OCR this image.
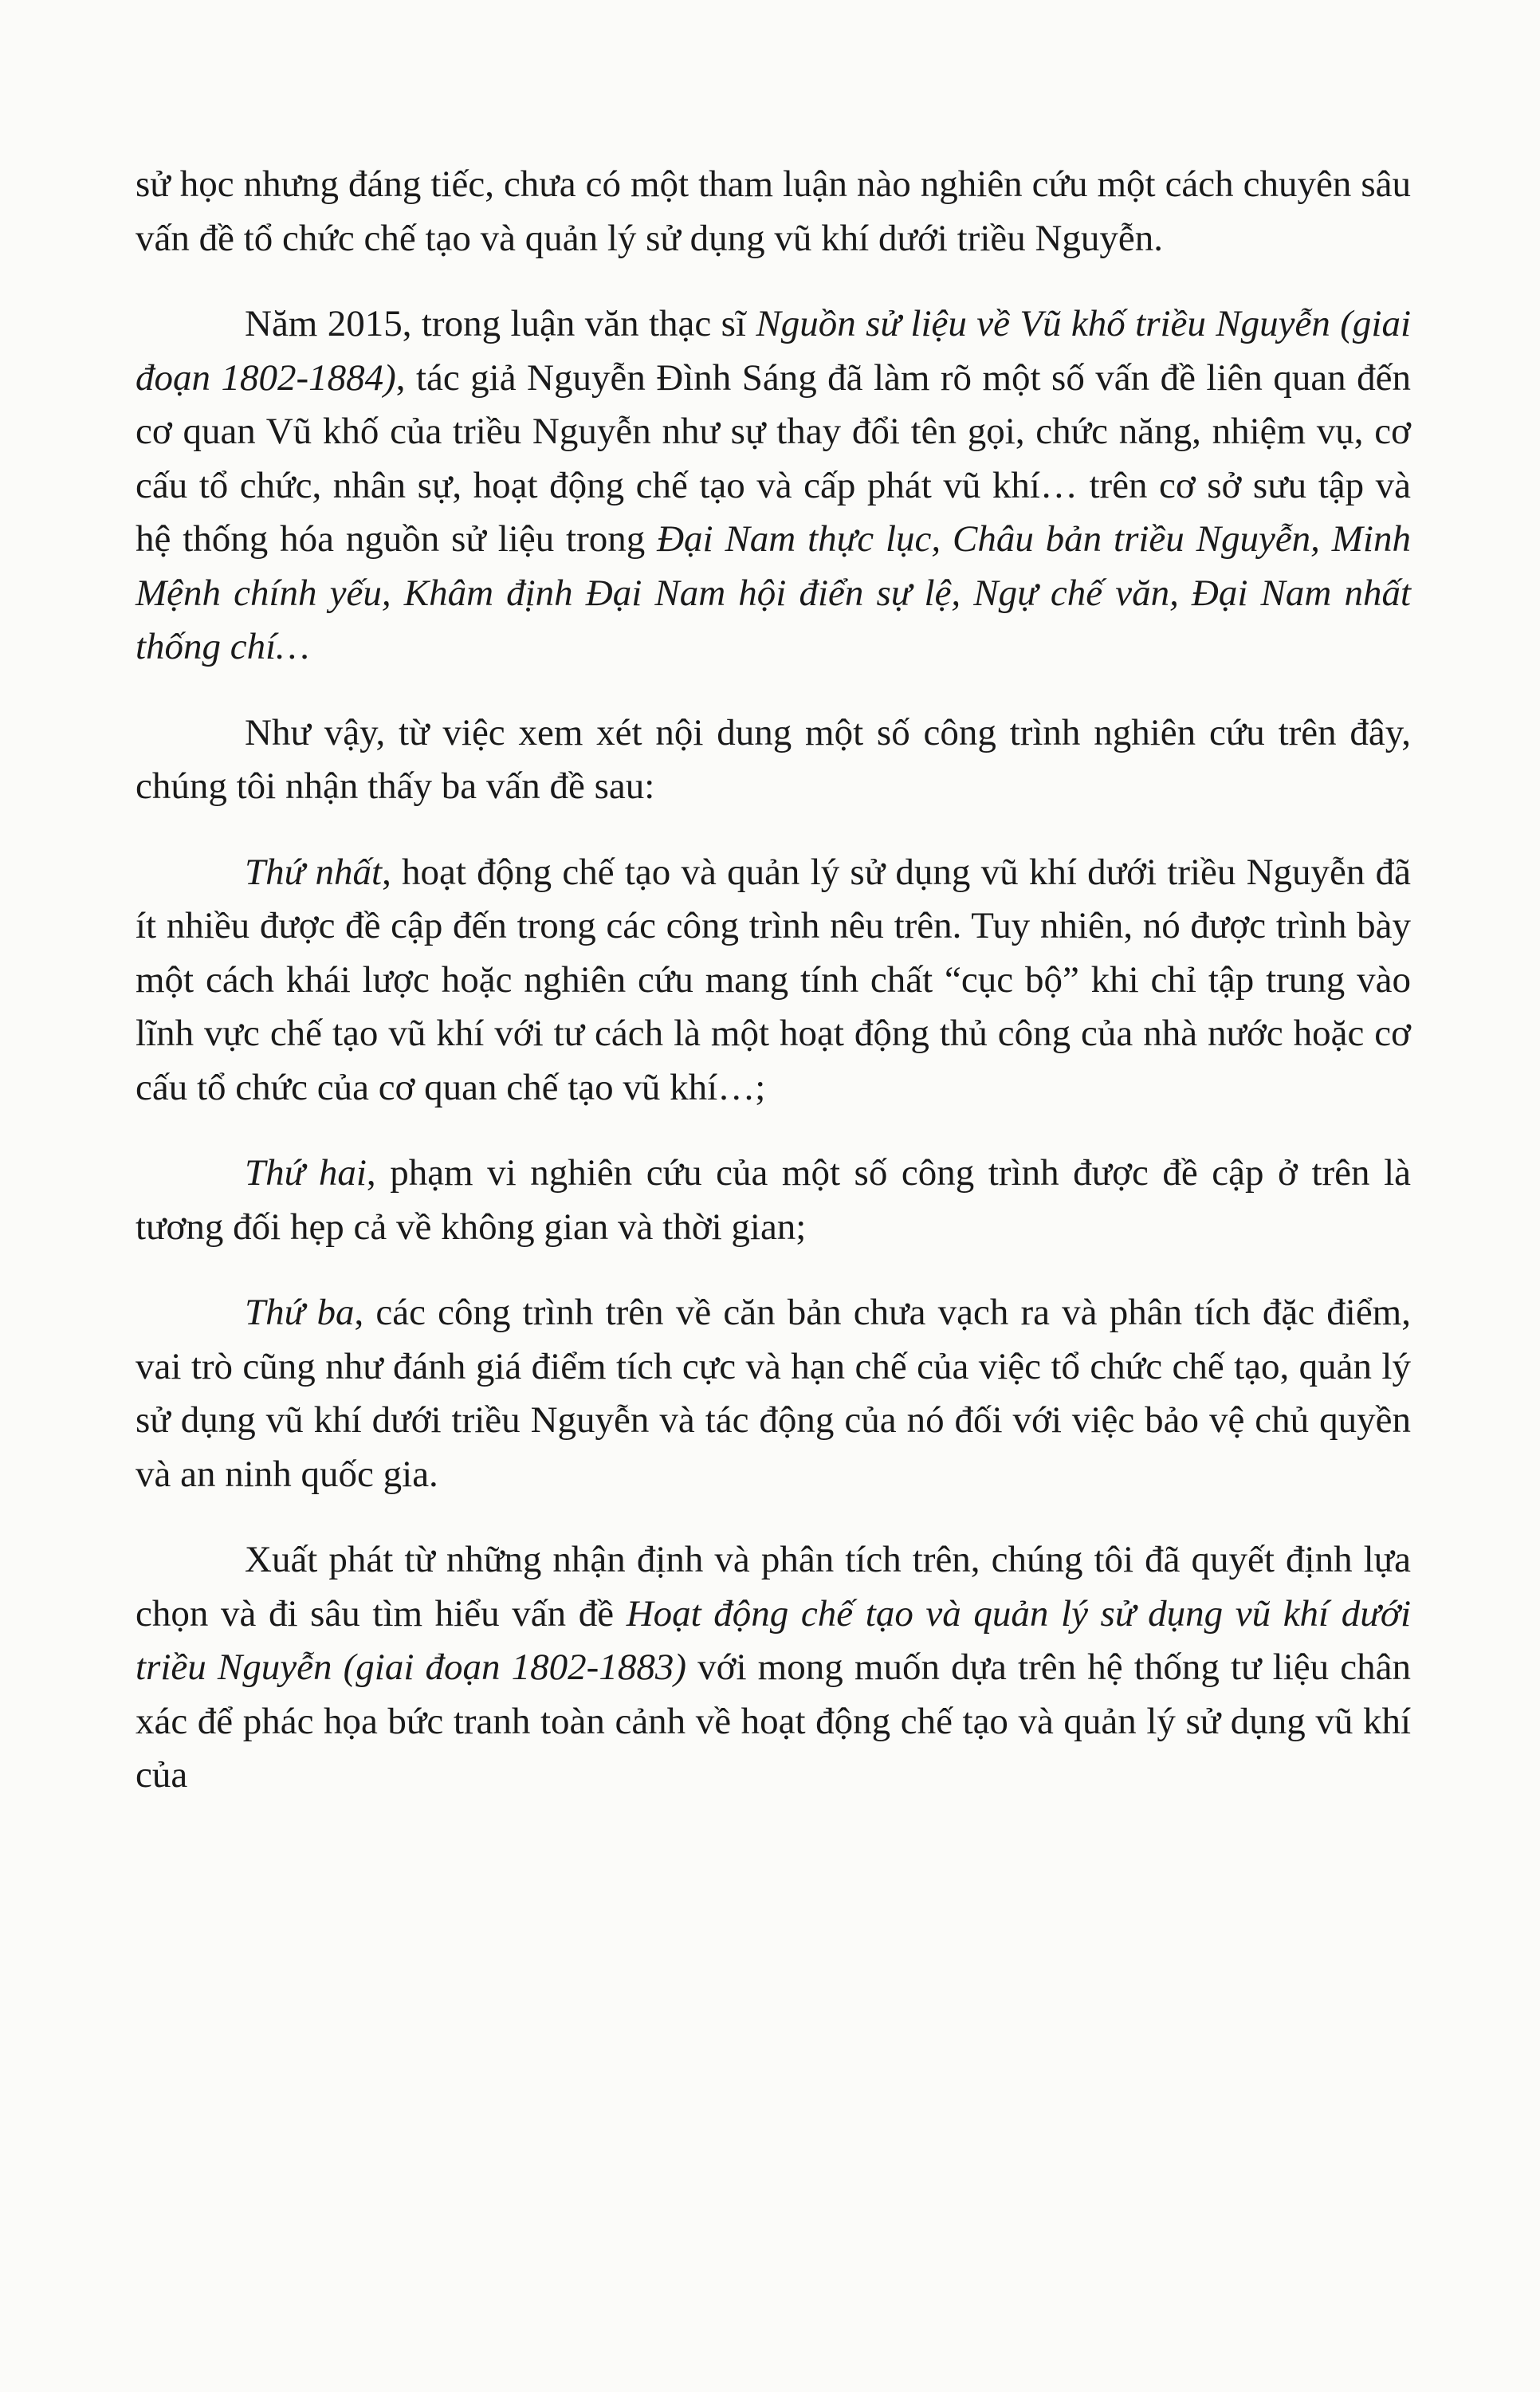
sử học nhưng đáng tiếc, chưa có một tham luận nào nghiên cứu một cách chuyên sâu vấn đề tổ chức chế tạo và quản lý sử dụng vũ khí dưới triều Nguyễn.

Năm 2015, trong luận văn thạc sĩ Nguồn sử liệu về Vũ khố triều Nguyễn (giai đoạn 1802-1884), tác giả Nguyễn Đình Sáng đã làm rõ một số vấn đề liên quan đến cơ quan Vũ khố của triều Nguyễn như sự thay đổi tên gọi, chức năng, nhiệm vụ, cơ cấu tổ chức, nhân sự, hoạt động chế tạo và cấp phát vũ khí… trên cơ sở sưu tập và hệ thống hóa nguồn sử liệu trong Đại Nam thực lục, Châu bản triều Nguyễn, Minh Mệnh chính yếu, Khâm định Đại Nam hội điển sự lệ, Ngự chế văn, Đại Nam nhất thống chí…

Như vậy, từ việc xem xét nội dung một số công trình nghiên cứu trên đây, chúng tôi nhận thấy ba vấn đề sau:

Thứ nhất, hoạt động chế tạo và quản lý sử dụng vũ khí dưới triều Nguyễn đã ít nhiều được đề cập đến trong các công trình nêu trên. Tuy nhiên, nó được trình bày một cách khái lược hoặc nghiên cứu mang tính chất “cục bộ” khi chỉ tập trung vào lĩnh vực chế tạo vũ khí với tư cách là một hoạt động thủ công của nhà nước hoặc cơ cấu tổ chức của cơ quan chế tạo vũ khí…;

Thứ hai, phạm vi nghiên cứu của một số công trình được đề cập ở trên là tương đối hẹp cả về không gian và thời gian;

Thứ ba, các công trình trên về căn bản chưa vạch ra và phân tích đặc điểm, vai trò cũng như đánh giá điểm tích cực và hạn chế của việc tổ chức chế tạo, quản lý sử dụng vũ khí dưới triều Nguyễn và tác động của nó đối với việc bảo vệ chủ quyền và an ninh quốc gia.

Xuất phát từ những nhận định và phân tích trên, chúng tôi đã quyết định lựa chọn và đi sâu tìm hiểu vấn đề Hoạt động chế tạo và quản lý sử dụng vũ khí dưới triều Nguyễn (giai đoạn 1802-1883) với mong muốn dựa trên hệ thống tư liệu chân xác để phác họa bức tranh toàn cảnh về hoạt động chế tạo và quản lý sử dụng vũ khí của
